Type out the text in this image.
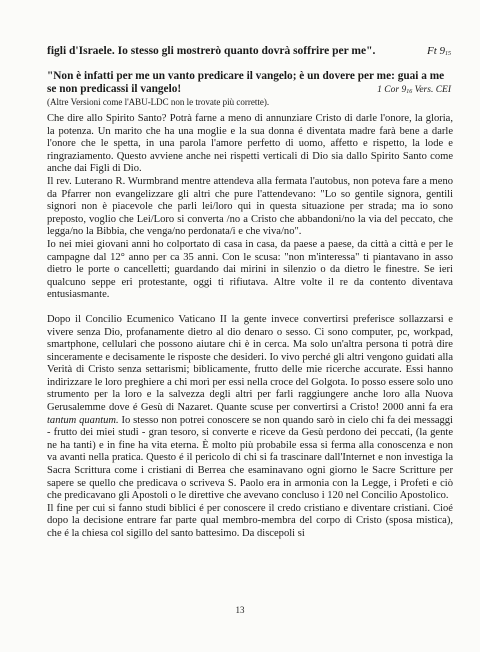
figli d'Israele. Io stesso gli mostrerò quanto dovrà soffrire per me".	Ft $9_{15}$
"Non è infatti per me un vanto predicare il vangelo; è un dovere per me: guai a me se non predicassi il vangelo!	1 Cor $9_{16}$ Vers. CEI
(Altre Versioni come l'ABU-LDC non le trovate più corrette).

Che dire allo Spirito Santo? Potrà farne a meno di annunziare Cristo di darle l'onore, la gloria, la potenza. Un marito che ha una moglie e la sua donna é diventata madre farà bene a darle l'onore che le spetta, in una parola l'amore perfetto di uomo, affetto e rispetto, la lode e ringraziamento. Questo avviene anche nei rispetti verticali di Dio sia dallo Spirito Santo come anche dai Figli di Dio.

Il rev. Luterano R. Wurmbrand mentre attendeva alla fermata l'autobus, non poteva fare a meno da Pfarrer non evangelizzare gli altri che pure l'attendevano: "Lo so gentile signora, gentili signori non è piacevole che parli lei/loro qui in questa situazione per strada; ma io sono preposto, voglio che Lei/Loro si converta /no a Cristo che abbandoni/no la via del peccato, che legga/no la Bibbia, che venga/no perdonata/i e che viva/no".

Io nei miei giovani anni ho colportato di casa in casa, da paese a paese, da città a città e per le campagne dal 12° anno per ca 35 anni. Con le scusa: "non m'interessa" ti piantavano in asso dietro le porte o cancelletti; guardando dai mirini in silenzio o da dietro le finestre. Se ieri qualcuno seppe eri protestante, oggi ti rifiutava. Altre volte il re da contento diventava entusiasmante.

Dopo il Concilio Ecumenico Vaticano II la gente invece convertirsi preferisce sollazzarsi e vivere senza Dio, profanamente dietro al dio denaro o sesso. Ci sono computer, pc, workpad, smartphone, cellulari che possono aiutare chi è in cerca. Ma solo un'altra persona ti potrà dire sinceramente e decisamente le risposte che desideri. Io vivo perché gli altri vengono guidati alla Verità di Cristo senza settarismi; biblicamente, frutto delle mie ricerche accurate. Essi hanno indirizzare le loro preghiere a chi morì per essi nella croce del Golgota. Io posso essere solo uno strumento per la loro e la salvezza degli altri per farli raggiungere anche loro alla Nuova Gerusalemme dove é Gesù di Nazaret. Quante scuse per convertirsi a Cristo! 2000 anni fa era tantum quantum. Io stesso non potrei conoscere se non quando sarò in cielo chi fa dei messaggi - frutto dei miei studi - gran tesoro, si converte e riceve da Gesù perdono dei peccati, (la gente ne ha tanti) e in fine ha vita eterna. È molto più probabile essa si ferma alla conoscenza e non va avanti nella pratica. Questo é il pericolo di chi si fa trascinare dall'Internet e non investiga la Sacra Scrittura come i cristiani di Berrea che esaminavano ogni giorno le Sacre Scritture per sapere se quello che predicava o scriveva S. Paolo era in armonia con la Legge, i Profeti e ciò che predicavano gli Apostoli o le direttive che avevano concluso i 120 nel Concilio Apostolico.

Il fine per cui si fanno studi biblici é per conoscere il credo cristiano e diventare cristiani. Cioé dopo la decisione entrare far parte qual membro-membra del corpo di Cristo (sposa mistica), che é la chiesa col sigillo del santo battesimo. Da discepoli si

13
